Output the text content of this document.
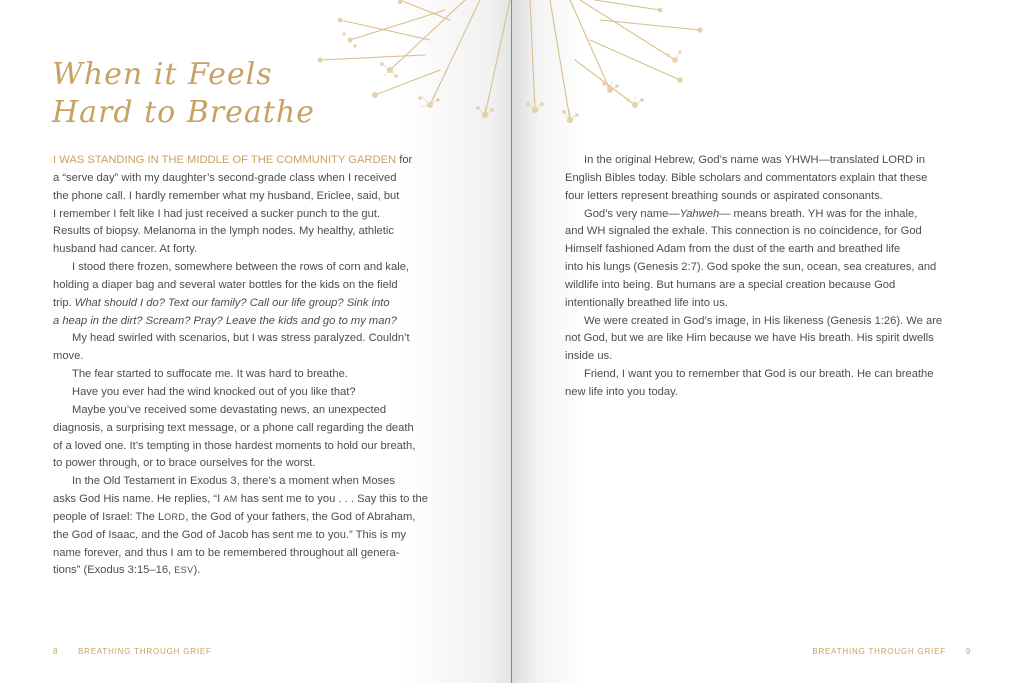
When it Feels
Hard to Breathe

I WAS STANDING IN THE MIDDLE OF THE COMMUNITY GARDEN for

a “serve day” with my daughter’s second-grade class when I received

the phone call. I hardly remember what my husband, Ericlee, said, but

I remember I felt like I had just received a sucker punch to the gut.

Results of biopsy. Melanoma in the lymph nodes. My healthy, athletic

husband had cancer. At forty.

I stood there frozen, somewhere between the rows of corn and kale,

holding a diaper bag and several water bottles for the kids on the field

trip. What should I do? Text our family? Call our life group? Sink into

a heap in the dirt? Scream? Pray? Leave the kids and go to my man?

My head swirled with scenarios, but I was stress paralyzed. Couldn’t

move.

The fear started to suffocate me. It was hard to breathe.

Have you ever had the wind knocked out of you like that?

Maybe you’ve received some devastating news, an unexpected

diagnosis, a surprising text message, or a phone call regarding the death

of a loved one. It’s tempting in those hardest moments to hold our breath,

to power through, or to brace ourselves for the worst.

In the Old Testament in Exodus 3, there’s a moment when Moses

asks God His name. He replies, “I AM has sent me to you . . . Say this to the

people of Israel: The LORD, the God of your fathers, the God of Abraham,

the God of Isaac, and the God of Jacob has sent me to you.” This is my

name forever, and thus I am to be remembered throughout all genera-

tions” (Exodus 3:15–16, ESV).

In the original Hebrew, God’s name was YHWH—translated LORD in

English Bibles today. Bible scholars and commentators explain that these

four letters represent breathing sounds or aspirated consonants.

God’s very name—Yahweh— means breath. YH was for the inhale,

and WH signaled the exhale. This connection is no coincidence, for God

Himself fashioned Adam from the dust of the earth and breathed life

into his lungs (Genesis 2:7). God spoke the sun, ocean, sea creatures, and

wildlife into being. But humans are a special creation because God

intentionally breathed life into us.

We were created in God’s image, in His likeness (Genesis 1:26). We are

not God, but we are like Him because we have His breath. His spirit dwells

inside us.

Friend, I want you to remember that God is our breath. He can breathe

new life into you today.

8 BREATHING THROUGH GRIEF	BREATHING THROUGH GRIEF 9
